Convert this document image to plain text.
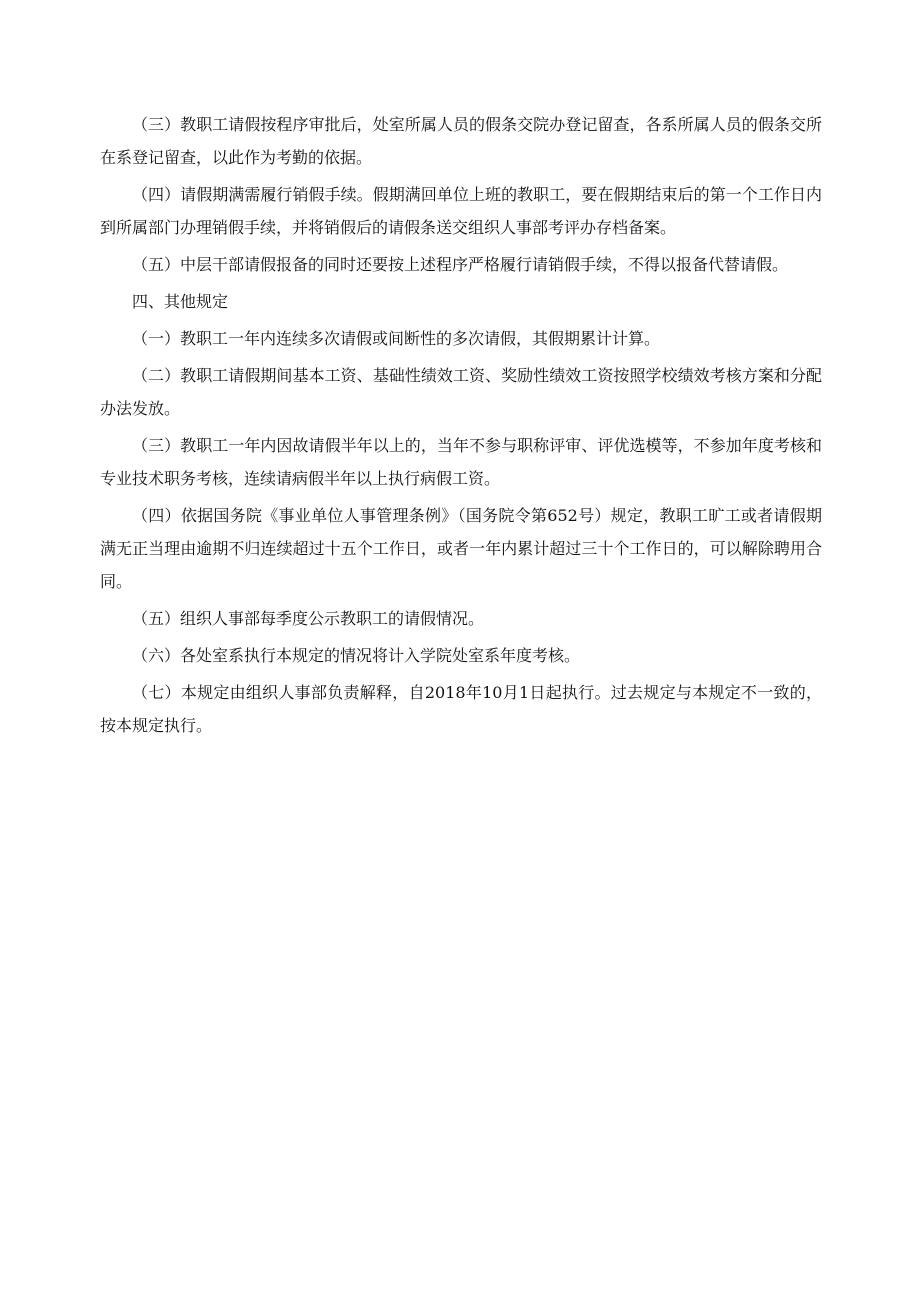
（三）教职工请假按程序审批后，处室所属人员的假条交院办登记留查，各系所属人员的假条交所在系登记留查，以此作为考勤的依据。

（四）请假期满需履行销假手续。假期满回单位上班的教职工，要在假期结束后的第一个工作日内到所属部门办理销假手续，并将销假后的请假条送交组织人事部考评办存档备案。

（五）中层干部请假报备的同时还要按上述程序严格履行请销假手续，不得以报备代替请假。

四、其他规定

（一）教职工一年内连续多次请假或间断性的多次请假，其假期累计计算。

（二）教职工请假期间基本工资、基础性绩效工资、奖励性绩效工资按照学校绩效考核方案和分配办法发放。

（三）教职工一年内因故请假半年以上的，当年不参与职称评审、评优选模等，不参加年度考核和专业技术职务考核，连续请病假半年以上执行病假工资。

（四）依据国务院《事业单位人事管理条例》（国务院令第652号）规定，教职工旷工或者请假期满无正当理由逾期不归连续超过十五个工作日，或者一年内累计超过三十个工作日的，可以解除聘用合同。

（五）组织人事部每季度公示教职工的请假情况。

（六）各处室系执行本规定的情况将计入学院处室系年度考核。

（七）本规定由组织人事部负责解释，自2018年10月1日起执行。过去规定与本规定不一致的，按本规定执行。
